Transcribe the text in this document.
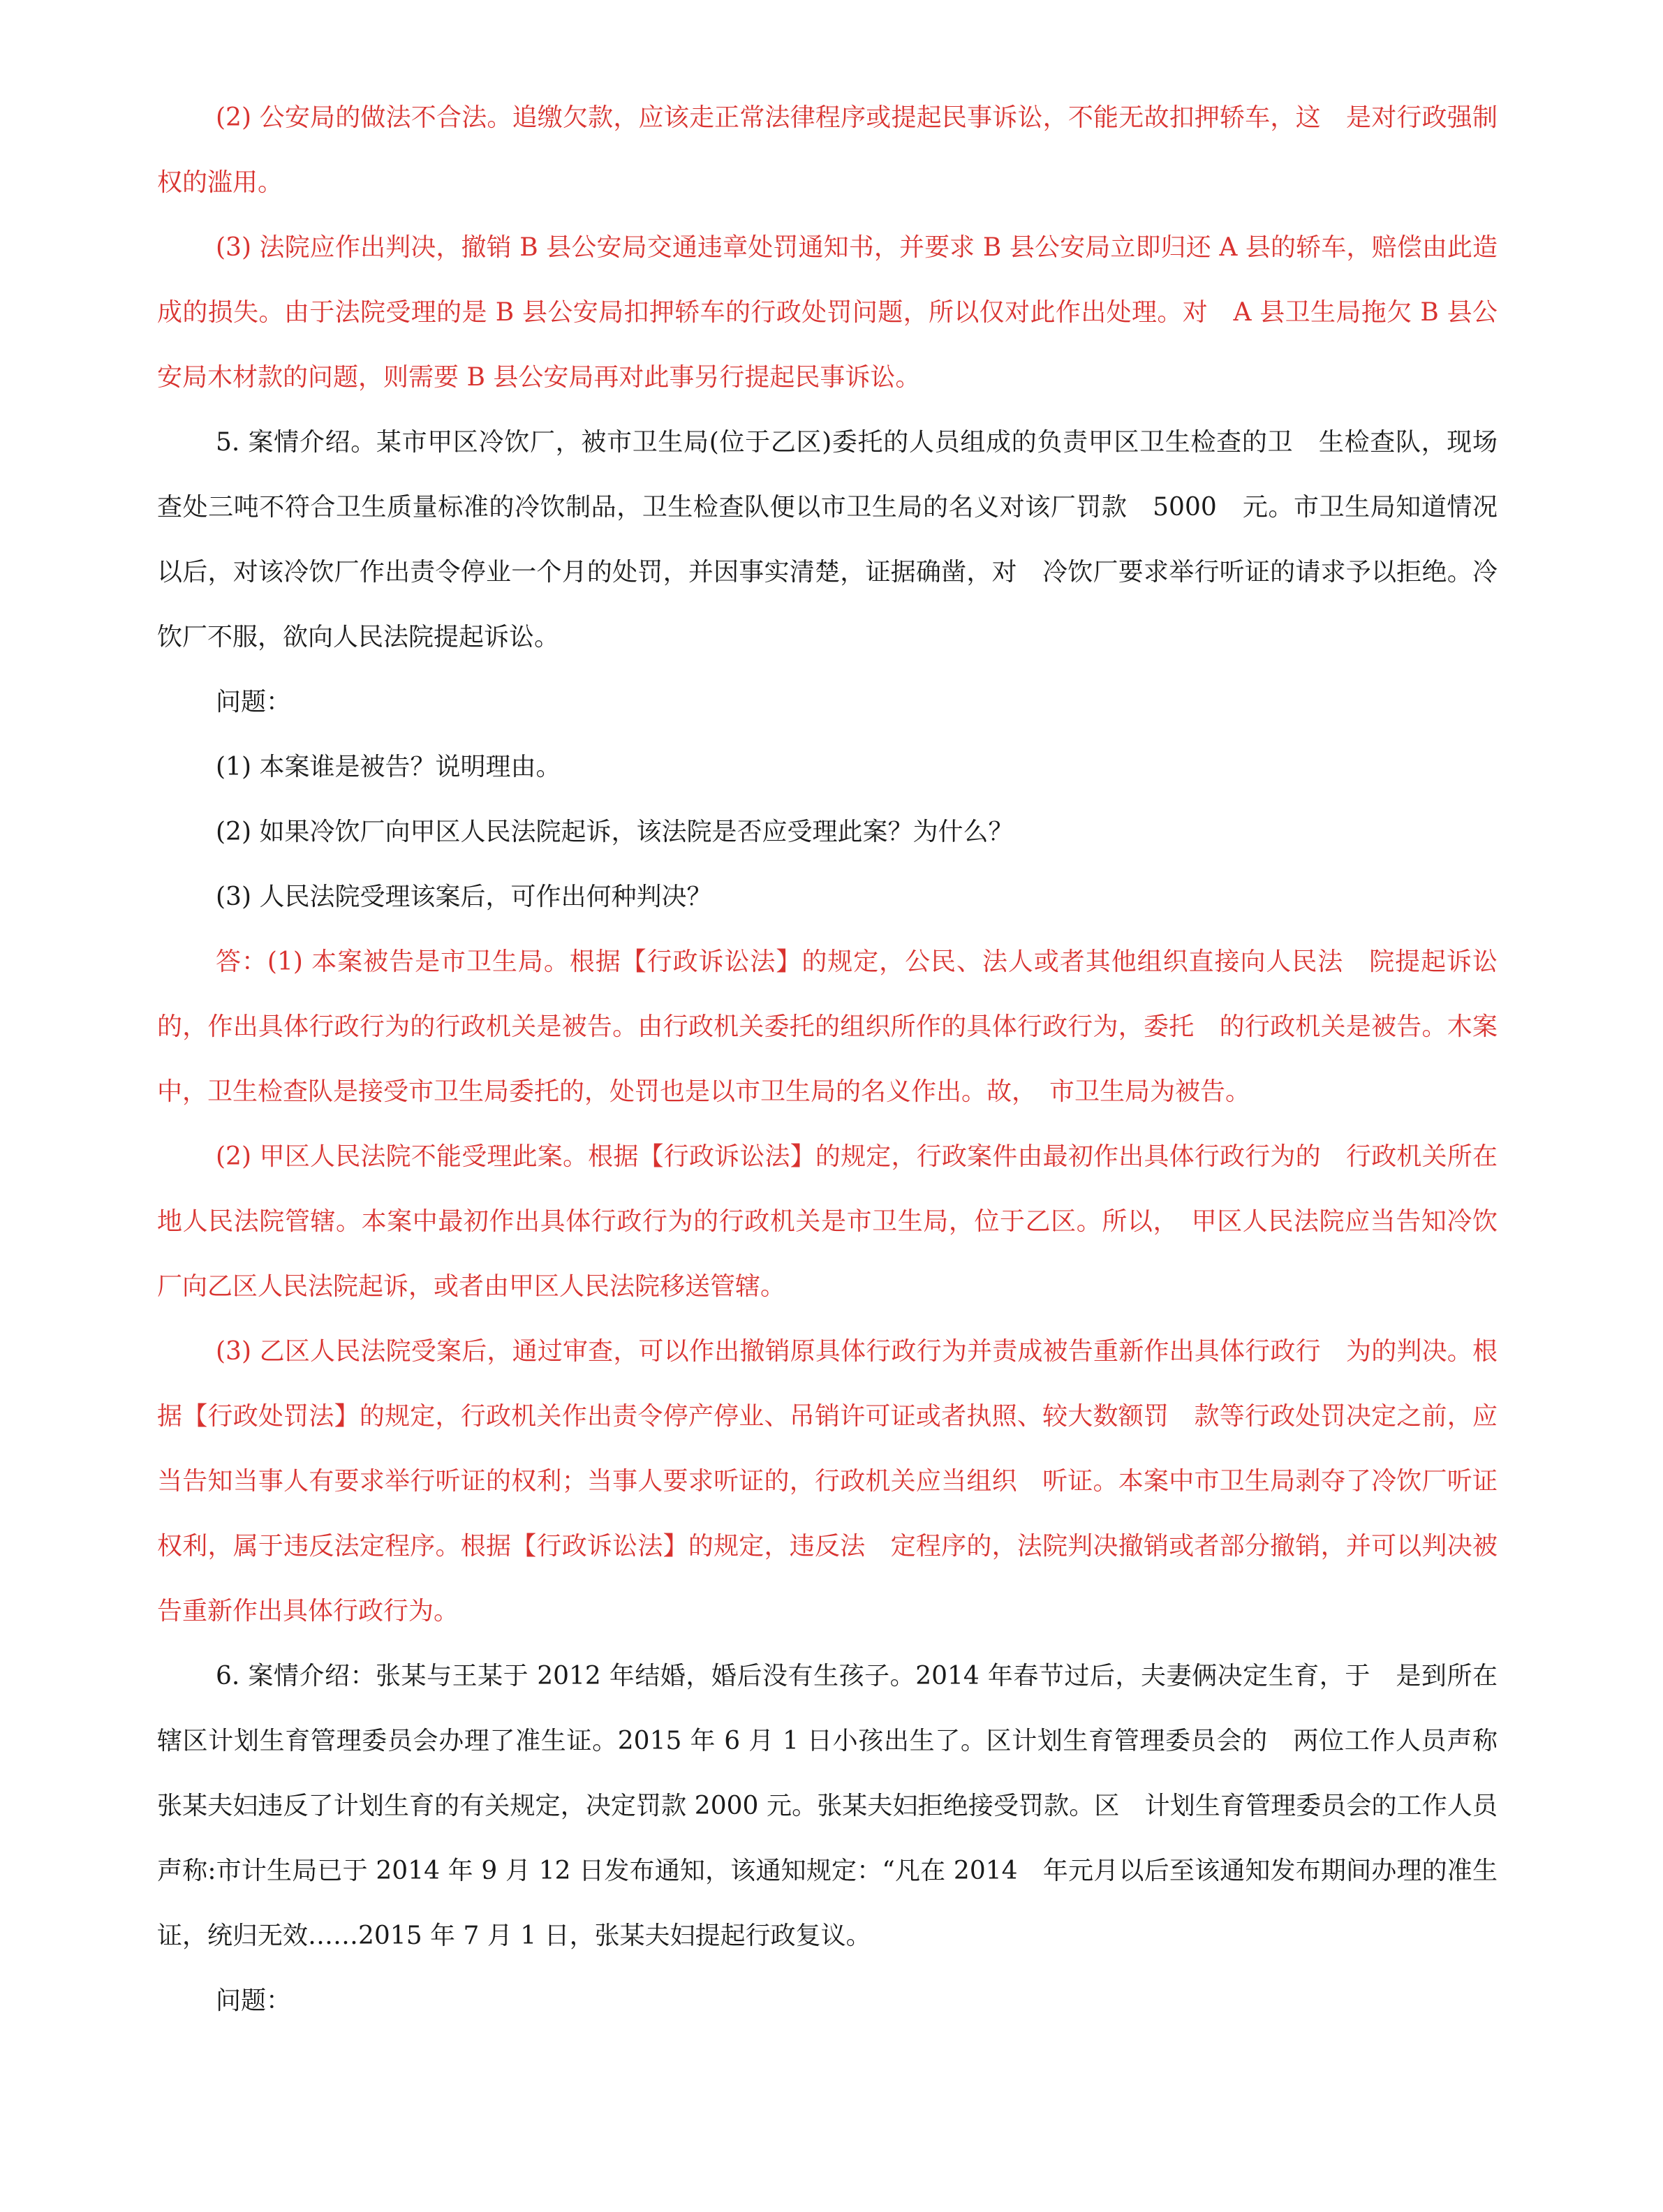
(2) 公安局的做法不合法。追缴欠款，应该走正常法律程序或提起民事诉讼，不能无故扣押轿车，这　是对行政强制权的滥用。

(3) 法院应作出判决，撤销 B 县公安局交通违章处罚通知书，并要求 B 县公安局立即归还 A 县的轿车，赔偿由此造成的损失。由于法院受理的是 B 县公安局扣押轿车的行政处罚问题，所以仅对此作出处理。对　A 县卫生局拖欠 B 县公安局木材款的问题，则需要 B 县公安局再对此事另行提起民事诉讼。

5. 案情介绍。某市甲区冷饮厂，被市卫生局(位于乙区)委托的人员组成的负责甲区卫生检查的卫　生检查队，现场查处三吨不符合卫生质量标准的冷饮制品，卫生检查队便以市卫生局的名义对该厂罚款　5000　元。市卫生局知道情况以后，对该冷饮厂作出责令停业一个月的处罚，并因事实清楚，证据确凿，对　冷饮厂要求举行听证的请求予以拒绝。冷饮厂不服，欲向人民法院提起诉讼。

问题：

(1) 本案谁是被告？说明理由。

(2) 如果冷饮厂向甲区人民法院起诉，该法院是否应受理此案？为什么？

(3) 人民法院受理该案后，可作出何种判决？

答：(1) 本案被告是市卫生局。根据【行政诉讼法】的规定，公民、法人或者其他组织直接向人民法　院提起诉讼的，作出具体行政行为的行政机关是被告。由行政机关委托的组织所作的具体行政行为，委托　的行政机关是被告。木案中，卫生检查队是接受市卫生局委托的，处罚也是以市卫生局的名义作出。故，　市卫生局为被告。

(2) 甲区人民法院不能受理此案。根据【行政诉讼法】的规定，行政案件由最初作出具体行政行为的　行政机关所在地人民法院管辖。本案中最初作出具体行政行为的行政机关是市卫生局，位于乙区。所以，　甲区人民法院应当告知冷饮厂向乙区人民法院起诉，或者由甲区人民法院移送管辖。

(3) 乙区人民法院受案后，通过审查，可以作出撤销原具体行政行为并责成被告重新作出具体行政行　为的判决。根据【行政处罚法】的规定，行政机关作出责令停产停业、吊销许可证或者执照、较大数额罚　款等行政处罚决定之前，应当告知当事人有要求举行听证的权利；当事人要求听证的，行政机关应当组织　听证。本案中市卫生局剥夺了冷饮厂听证权利，属于违反法定程序。根据【行政诉讼法】的规定，违反法　定程序的，法院判决撤销或者部分撤销，并可以判决被告重新作出具体行政行为。

6. 案情介绍：张某与王某于 2012 年结婚，婚后没有生孩子。2014 年春节过后，夫妻俩决定生育，于　是到所在辖区计划生育管理委员会办理了准生证。2015 年 6 月 1 日小孩出生了。区计划生育管理委员会的　两位工作人员声称张某夫妇违反了计划生育的有关规定，决定罚款 2000 元。张某夫妇拒绝接受罚款。区　计划生育管理委员会的工作人员声称:市计生局已于 2014 年 9 月 12 日发布通知，该通知规定：“凡在 2014　年元月以后至该通知发布期间办理的准生证，统归无效……2015 年 7 月 1 日，张某夫妇提起行政复议。

问题：
